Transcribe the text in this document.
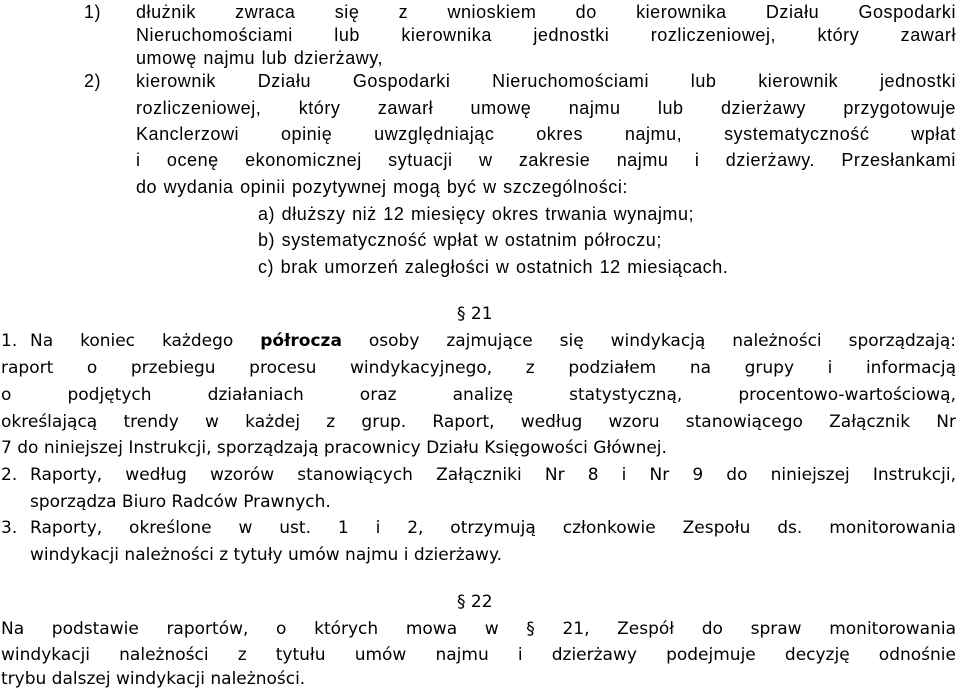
1) dłużnik zwraca się z wnioskiem do kierownika Działu Gospodarki

Nieruchomościami lub kierownika jednostki rozliczeniowej, który zawarł

umowę najmu lub dzierżawy,

2) kierownik Działu Gospodarki Nieruchomościami lub kierownik jednostki

rozliczeniowej, który zawarł umowę najmu lub dzierżawy przygotowuje

Kanclerzowi opinię uwzględniając okres najmu, systematyczność wpłat

i ocenę ekonomicznej sytuacji w zakresie najmu i dzierżawy. Przesłankami

do wydania opinii pozytywnej mogą być w szczególności:

a) dłuższy niż 12 miesięcy okres trwania wynajmu;

b) systematyczność wpłat w ostatnim półroczu;

c) brak umorzeń zaległości w ostatnich 12 miesiącach.

§ 21

1. Na koniec każdego półrocza osoby zajmujące się windykacją należności sporządzają:

raport o przebiegu procesu windykacyjnego, z podziałem na grupy i informacją

o podjętych działaniach oraz analizę statystyczną, procentowo-wartościową,

określającą trendy w każdej z grup. Raport, według wzoru stanowiącego Załącznik Nr

7 do niniejszej Instrukcji, sporządzają pracownicy Działu Księgowości Głównej.

2. Raporty, według wzorów stanowiących Załączniki Nr 8 i Nr 9 do niniejszej Instrukcji,

sporządza Biuro Radców Prawnych.

3. Raporty, określone w ust. 1 i 2, otrzymują członkowie Zespołu ds. monitorowania

windykacji należności z tytuły umów najmu i dzierżawy.

§ 22

Na podstawie raportów, o których mowa w § 21, Zespół do spraw monitorowania

windykacji należności z tytułu umów najmu i dzierżawy podejmuje decyzję odnośnie

trybu dalszej windykacji należności.
